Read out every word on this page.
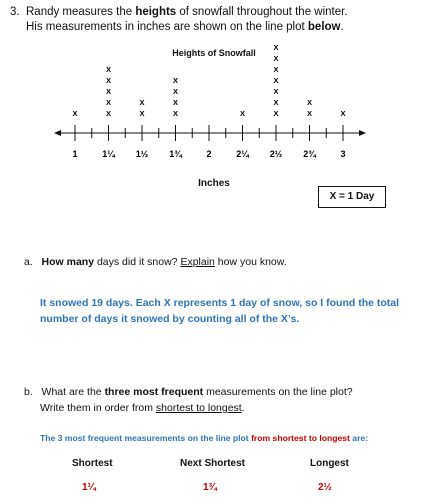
3. Randy measures the heights of snowfall throughout the winter.
His measurements in inches are shown on the line plot below.
Heights of Snowfall
1	1¼ 1½ 1¾	2	2¼ 2½ 2¾	3
X	X
X
X
X
X
X
X
X
X
X
X
X	X
X
X
X
X
X
X
X
X
X
Inches
X = 1 Day
a. How many days did it snow? Explain how you know.
It snowed 19 days. Each X represents 1 day of snow, so I found the total
number of days it snowed by counting all of the X’s.
b. What are the three most frequent measurements on the line plot?
Write them in order from shortest to longest.
The 3 most frequent measurements on the line plot from shortest to longest are:
Shortest	Next Shortest	Longest
1¼	1¾	2½
